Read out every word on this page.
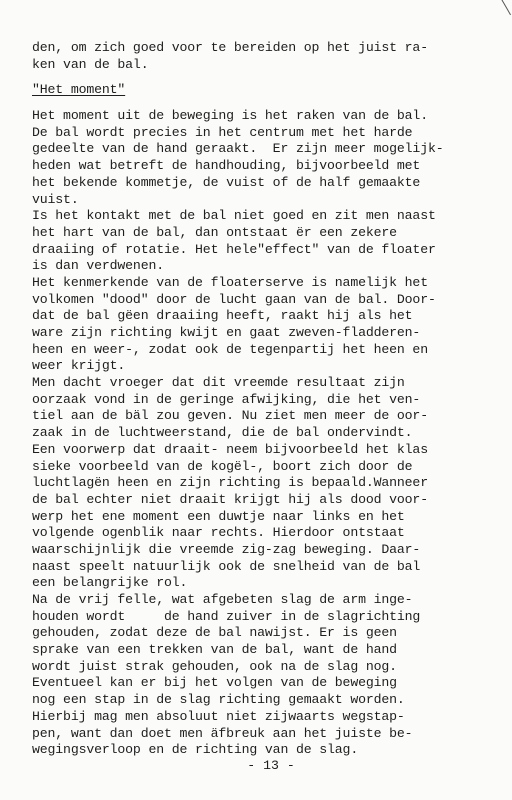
den, om zich goed voor te bereiden op het juist ra-
ken van de bal.
"Het moment"
Het moment uit de beweging is het raken van de bal.
De bal wordt precies in het centrum met het harde
gedeelte van de hand geraakt.  Er zijn meer mogelijk-
heden wat betreft de handhouding, bijvoorbeeld met
het bekende kommetje, de vuist of de half gemaakte
vuist.
Is het kontakt met de bal niet goed en zit men naast
het hart van de bal, dan ontstaat ër een zekere
draaiing of rotatie. Het hele"effect" van de floater
is dan verdwenen.
Het kenmerkende van de floaterserve is namelijk het
volkomen "dood" door de lucht gaan van de bal. Door-
dat de bal gëen draaiing heeft, raakt hij als het
ware zijn richting kwijt en gaat zweven-fladderen-
heen en weer-, zodat ook de tegenpartij het heen en
weer krijgt.
Men dacht vroeger dat dit vreemde resultaat zijn
oorzaak vond in de geringe afwijking, die het ven-
tiel aan de bäl zou geven. Nu ziet men meer de oor-
zaak in de luchtweerstand, die de bal ondervindt.
Een voorwerp dat draait- neem bijvoorbeeld het klas
sieke voorbeeld van de kogël-, boort zich door de
luchtlagën heen en zijn richting is bepaald.Wanneer
de bal echter niet draait krijgt hij als dood voor-
werp het ene moment een duwtje naar links en het
volgende ogenblik naar rechts. Hierdoor ontstaat
waarschijnlijk die vreemde zig-zag beweging. Daar-
naast speelt natuurlijk ook de snelheid van de bal
een belangrijke rol.
Na de vrij felle, wat afgebeten slag de arm inge-
houden wordt     de hand zuiver in de slagrichting
gehouden, zodat deze de bal nawijst. Er is geen
sprake van een trekken van de bal, want de hand
wordt juist strak gehouden, ook na de slag nog.
Eventueel kan er bij het volgen van de beweging
nog een stap in de slag richting gemaakt worden.
Hierbij mag men absoluut niet zijwaarts wegstap-
pen, want dan doet men äfbreuk aan het juiste be-
wegingsverloop en de richting van de slag.
- 13 -
